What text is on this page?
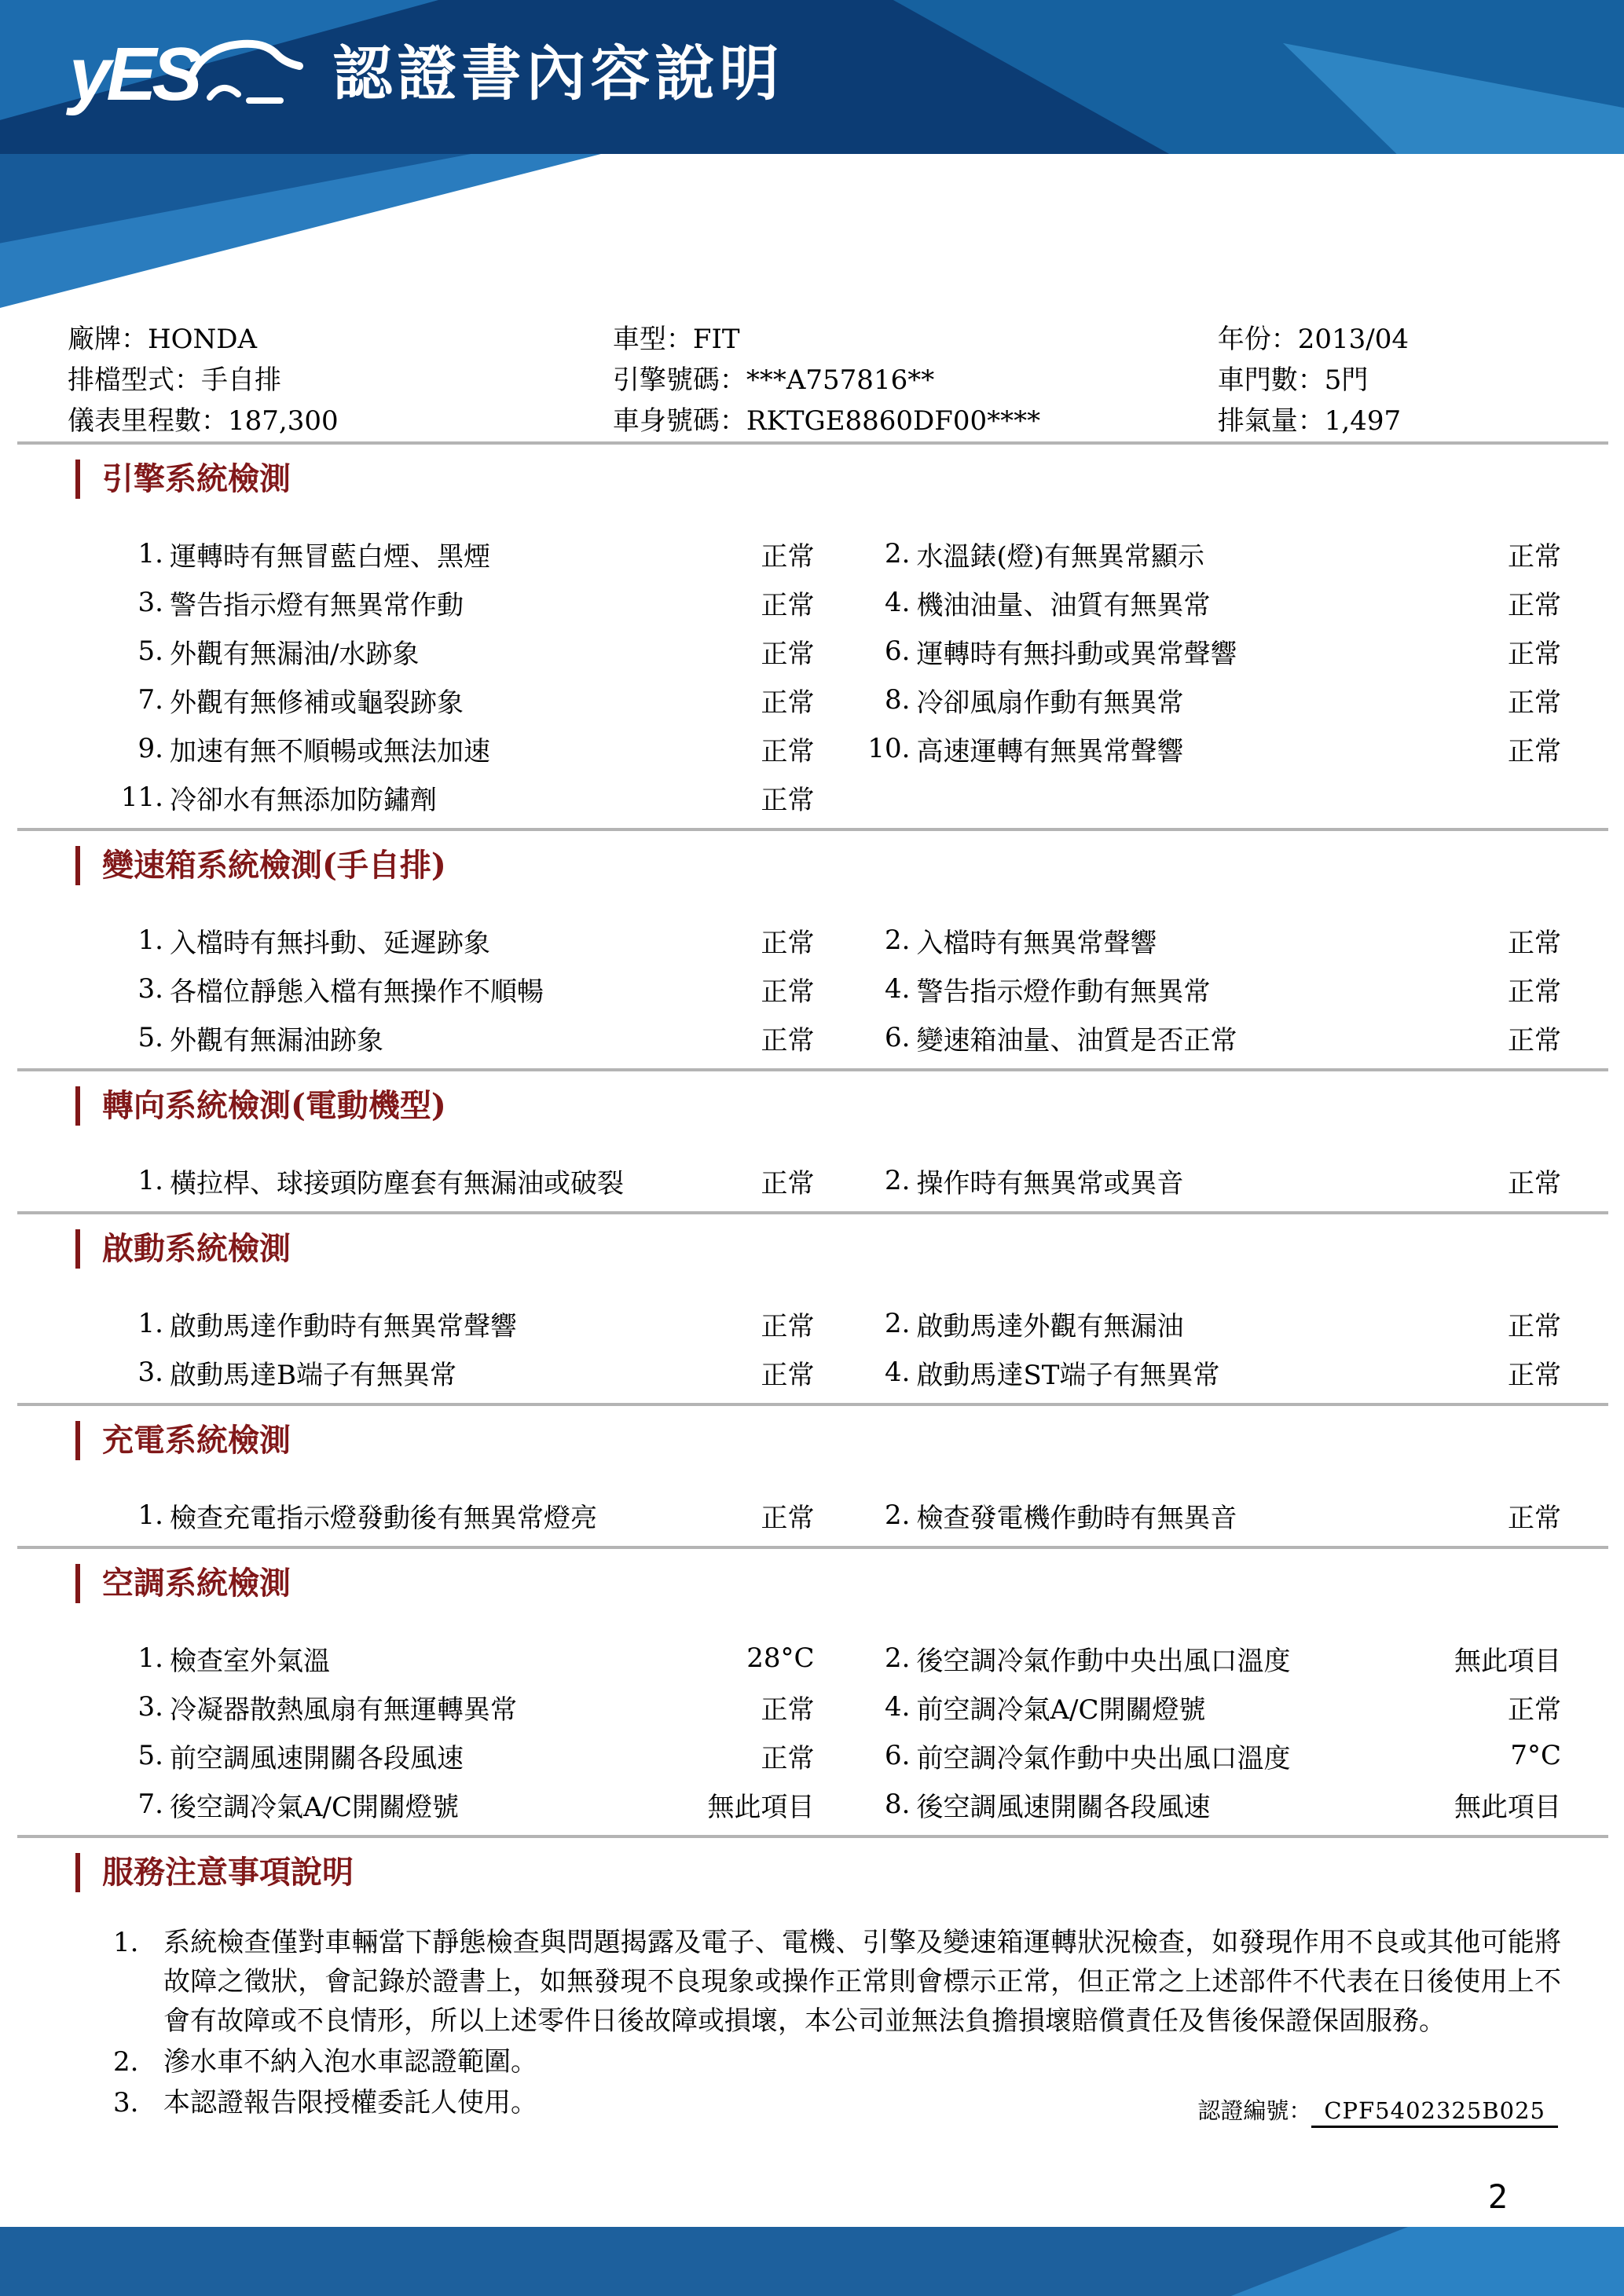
yES 認證書內容說明
廠牌：HONDA	車型：FIT	年份：2013/04
排檔型式：手自排	引擎號碼：***A757816**	車門數：5門
儀表里程數：187,300	車身號碼：RKTGE8860DF00****	排氣量：1,497
引擎系統檢測
1. 運轉時有無冒藍白煙、黑煙	正常	2. 水溫錶(燈)有無異常顯示	正常
3. 警告指示燈有無異常作動	正常	4. 機油油量、油質有無異常	正常
5. 外觀有無漏油/水跡象	正常	6. 運轉時有無抖動或異常聲響	正常
7. 外觀有無修補或龜裂跡象	正常	8. 冷卻風扇作動有無異常	正常
9. 加速有無不順暢或無法加速	正常 10. 高速運轉有無異常聲響	正常
11. 冷卻水有無添加防鏽劑	正常
變速箱系統檢測(手自排)
1. 入檔時有無抖動、延遲跡象	正常	2. 入檔時有無異常聲響	正常
3. 各檔位靜態入檔有無操作不順暢	正常	4. 警告指示燈作動有無異常	正常
5. 外觀有無漏油跡象	正常	6. 變速箱油量、油質是否正常	正常
轉向系統檢測(電動機型)
1. 橫拉桿、球接頭防塵套有無漏油或破裂	正常	2. 操作時有無異常或異音	正常
啟動系統檢測
1. 啟動馬達作動時有無異常聲響	正常	2. 啟動馬達外觀有無漏油	正常
3. 啟動馬達B端子有無異常	正常	4. 啟動馬達ST端子有無異常	正常
充電系統檢測
1. 檢查充電指示燈發動後有無異常燈亮	正常	2. 檢查發電機作動時有無異音	正常
空調系統檢測
1. 檢查室外氣溫	28°C	2. 後空調冷氣作動中央出風口溫度	無此項目
3. 冷凝器散熱風扇有無運轉異常	正常	4. 前空調冷氣A/C開關燈號	正常
5. 前空調風速開關各段風速	正常	6. 前空調冷氣作動中央出風口溫度	7°C
7. 後空調冷氣A/C開關燈號	無此項目	8. 後空調風速開關各段風速	無此項目
服務注意事項說明
1. 系統檢查僅對車輛當下靜態檢查與問題揭露及電子、電機、引擎及變速箱運轉狀況檢查，如發現作用不良或其他可能將故障之徵狀，會記錄於證書上，如無發現不良現象或操作正常則會標示正常，但正常之上述部件不代表在日後使用上不會有故障或不良情形，所以上述零件日後故障或損壞，本公司並無法負擔損壞賠償責任及售後保證保固服務。
2. 滲水車不納入泡水車認證範圍。
3. 本認證報告限授權委託人使用。	認證編號： CPF5402325B025
2
